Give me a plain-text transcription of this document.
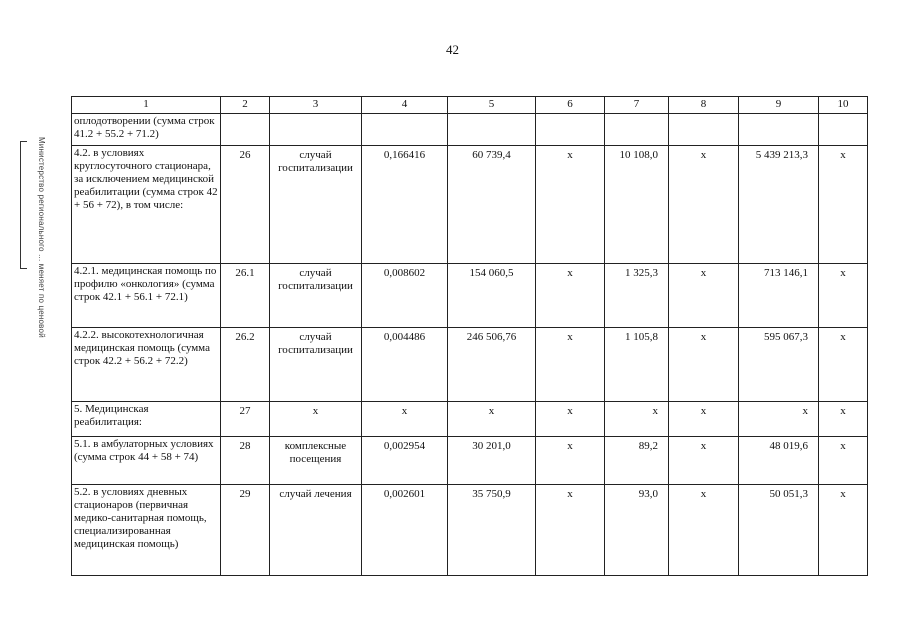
42
Министерство регионального ... меняет по ценовой
1	2	3	4	5	6	7	8	9	10
оплодотворении (сумма строк 41.2 + 55.2 + 71.2)									
4.2. в условиях круглосуточного стационара, за исключением медицинской реабилитации (сумма строк 42 + 56 + 72), в том числе:	26	случай госпитализации	0,166416	60 739,4	х	10 108,0	х	5 439 213,3	х
4.2.1. медицинская помощь по профилю «онкология» (сумма строк 42.1 + 56.1 + 72.1)	26.1	случай госпитализации	0,008602	154 060,5	х	1 325,3	х	713 146,1	х
4.2.2. высокотехнологичная медицинская помощь (сумма строк 42.2 + 56.2 + 72.2)	26.2	случай госпитализации	0,004486	246 506,76	х	1 105,8	х	595 067,3	х
5. Медицинская реабилитация:	27	х	х	х	х	х	х	х	х
5.1. в амбулаторных условиях (сумма строк 44 + 58 + 74)	28	комплексные посещения	0,002954	30 201,0	х	89,2	х	48 019,6	х
5.2. в условиях дневных стационаров (первичная медико-санитарная помощь, специализированная медицинская помощь)	29	случай лечения	0,002601	35 750,9	х	93,0	х	50 051,3	х
